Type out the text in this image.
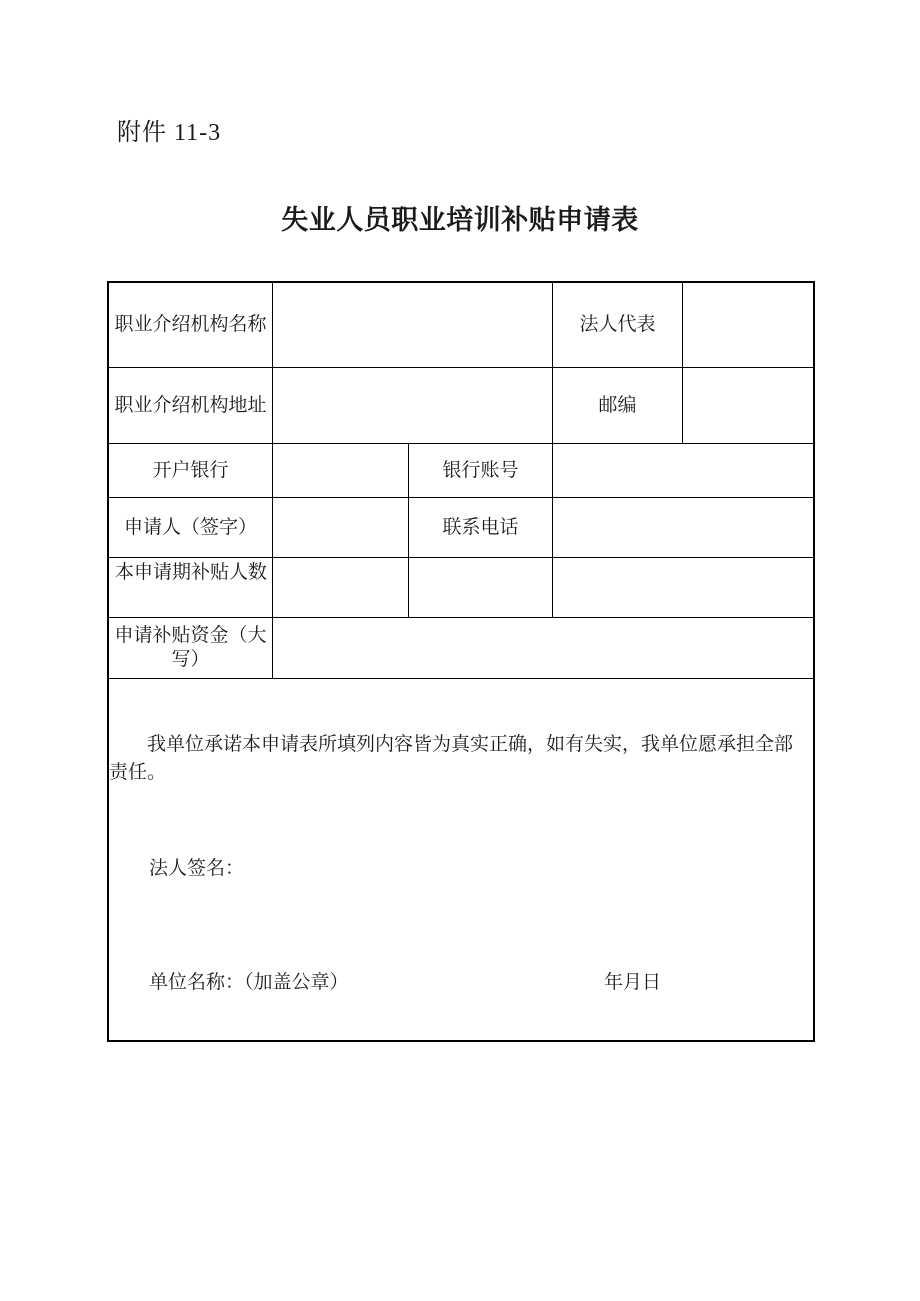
附件 11-3
失业人员职业培训补贴申请表
职业介绍机构名称	法人代表
职业介绍机构地址	邮编
开户银行	银行账号
申请人（签字）	联系电话
本申请期补贴人数
申请补贴资金（大写）
我单位承诺本申请表所填列内容皆为真实正确，如有失实，我单位愿承担全部责任。
法人签名：
单位名称：（加盖公章）	年月日
